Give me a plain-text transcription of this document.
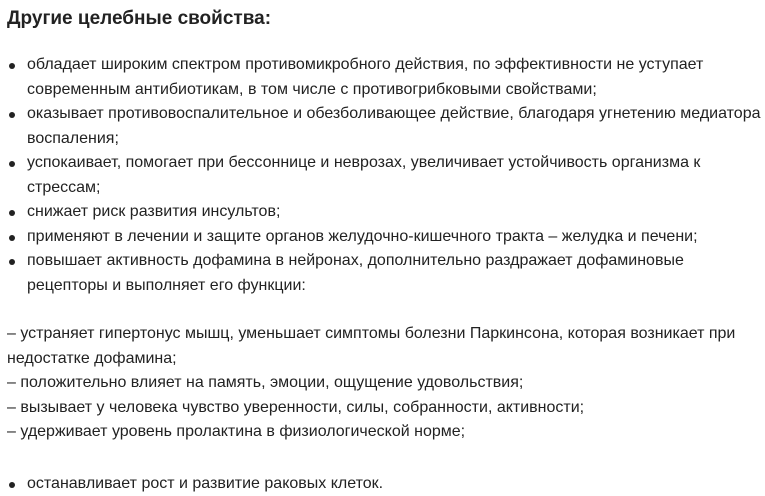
Другие целебные свойства:
обладает широким спектром противомикробного действия, по эффективности не уступает современным антибиотикам, в том числе с противогрибковыми свойствами;
оказывает противовоспалительное и обезболивающее действие, благодаря угнетению медиатора воспаления;
успокаивает, помогает при бессоннице и неврозах, увеличивает устойчивость организма к стрессам;
снижает риск развития инсультов;
применяют в лечении и защите органов желудочно-кишечного тракта – желудка и печени;
повышает активность дофамина в нейронах, дополнительно раздражает дофаминовые рецепторы и выполняет его функции:

– устраняет гипертонус мышц, уменьшает симптомы болезни Паркинсона, которая возникает при недостатке дофамина;

– положительно влияет на память, эмоции, ощущение удовольствия;

– вызывает у человека чувство уверенности, силы, собранности, активности;

– удерживает уровень пролактина в физиологической норме;

останавливает рост и развитие раковых клеток.
